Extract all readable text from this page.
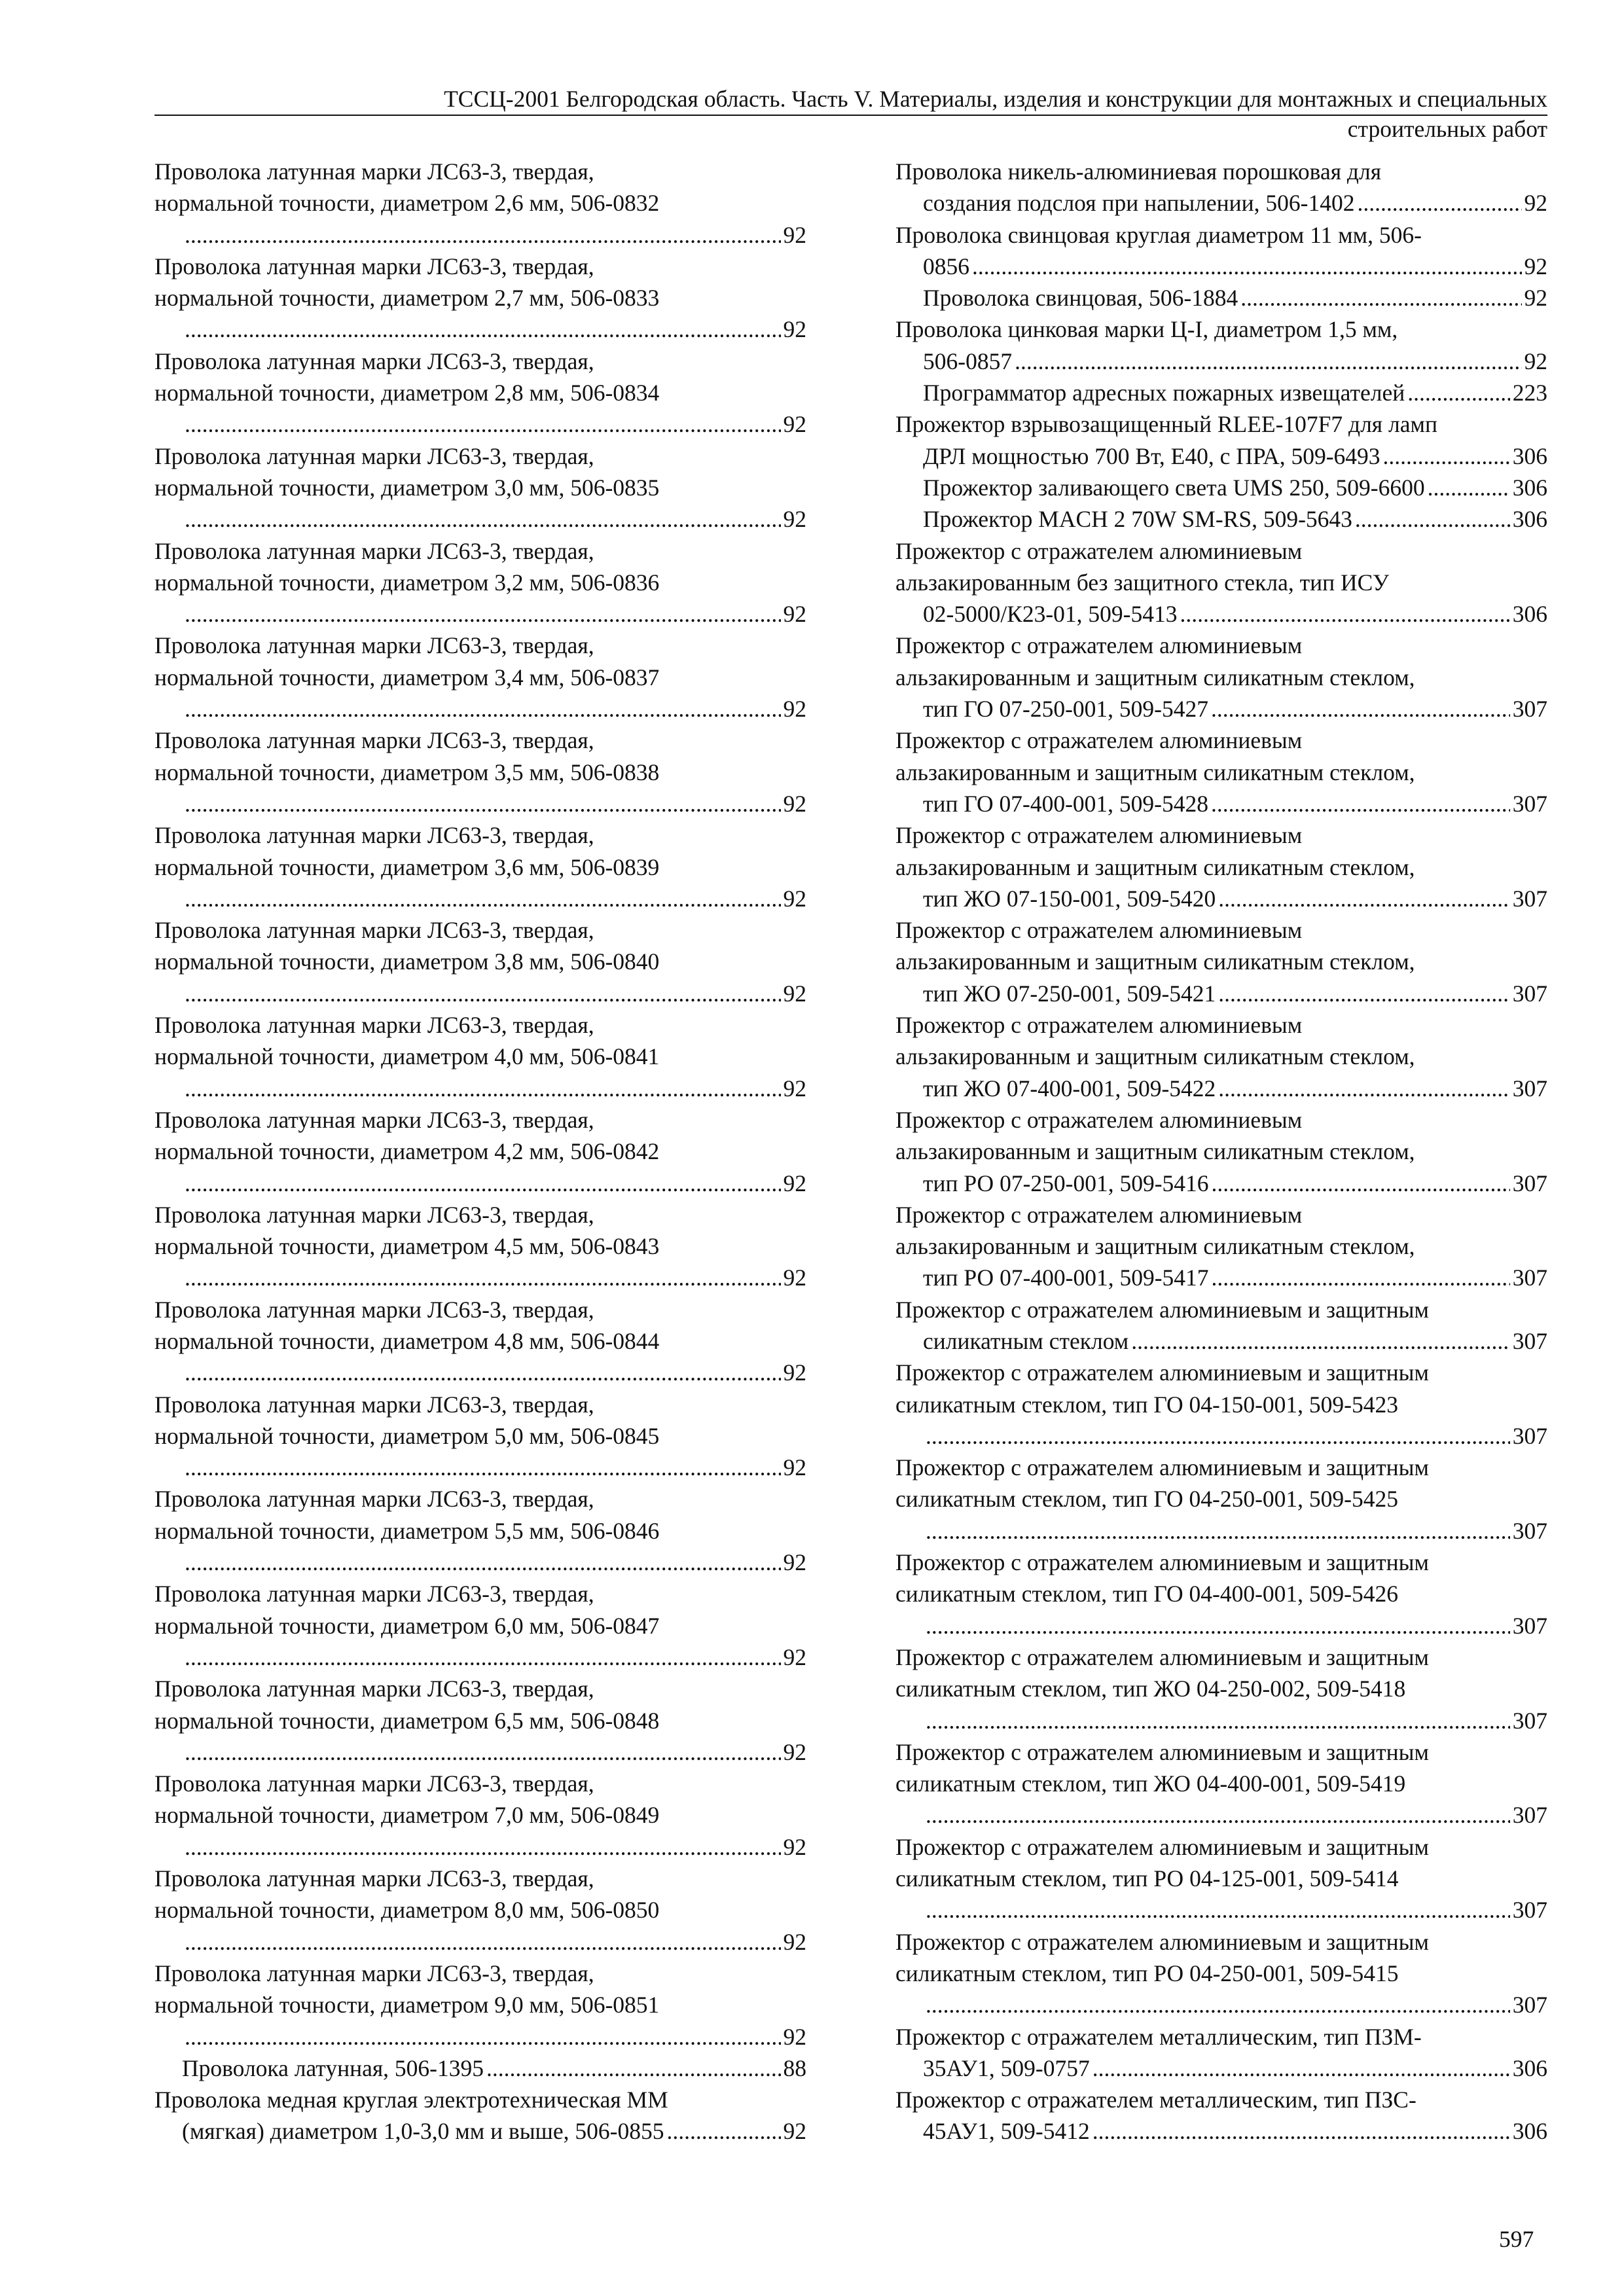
ТССЦ-2001 Белгородская область. Часть V. Материалы, изделия и конструкции для монтажных и специальных
строительных работ
Проволока латунная марки ЛС63-3, твердая,
нормальной точности, диаметром 2,6 мм, 506-0832
.....
92
Проволока латунная марки ЛС63-3, твердая,
нормальной точности, диаметром 2,7 мм, 506-0833
.....
92
Проволока латунная марки ЛС63-3, твердая,
нормальной точности, диаметром 2,8 мм, 506-0834
.....
92
Проволока латунная марки ЛС63-3, твердая,
нормальной точности, диаметром 3,0 мм, 506-0835
.....
92
Проволока латунная марки ЛС63-3, твердая,
нормальной точности, диаметром 3,2 мм, 506-0836
.....
92
Проволока латунная марки ЛС63-3, твердая,
нормальной точности, диаметром 3,4 мм, 506-0837
.....
92
Проволока латунная марки ЛС63-3, твердая,
нормальной точности, диаметром 3,5 мм, 506-0838
.....
92
Проволока латунная марки ЛС63-3, твердая,
нормальной точности, диаметром 3,6 мм, 506-0839
.....
92
Проволока латунная марки ЛС63-3, твердая,
нормальной точности, диаметром 3,8 мм, 506-0840
.....
92
Проволока латунная марки ЛС63-3, твердая,
нормальной точности, диаметром 4,0 мм, 506-0841
.....
92
Проволока латунная марки ЛС63-3, твердая,
нормальной точности, диаметром 4,2 мм, 506-0842
.....
92
Проволока латунная марки ЛС63-3, твердая,
нормальной точности, диаметром 4,5 мм, 506-0843
.....
92
Проволока латунная марки ЛС63-3, твердая,
нормальной точности, диаметром 4,8 мм, 506-0844
.....
92
Проволока латунная марки ЛС63-3, твердая,
нормальной точности, диаметром 5,0 мм, 506-0845
.....
92
Проволока латунная марки ЛС63-3, твердая,
нормальной точности, диаметром 5,5 мм, 506-0846
.....
92
Проволока латунная марки ЛС63-3, твердая,
нормальной точности, диаметром 6,0 мм, 506-0847
.....
92
Проволока латунная марки ЛС63-3, твердая,
нормальной точности, диаметром 6,5 мм, 506-0848
.....
92
Проволока латунная марки ЛС63-3, твердая,
нормальной точности, диаметром 7,0 мм, 506-0849
.....
92
Проволока латунная марки ЛС63-3, твердая,
нормальной точности, диаметром 8,0 мм, 506-0850
.....
92
Проволока латунная марки ЛС63-3, твердая,
нормальной точности, диаметром 9,0 мм, 506-0851
.....
92
Проволока латунная, 506-1395 .....	88
Проволока медная круглая электротехническая ММ
(мягкая) диаметром 1,0-3,0 мм и выше, 506-0855 .....	92
Проволока никель-алюминиевая порошковая для
создания подслоя при напылении, 506-1402 .....	92
Проволока свинцовая круглая диаметром 11 мм, 506-
0856 .....	92
Проволока свинцовая, 506-1884 .....	92
Проволока цинковая марки Ц-I, диаметром 1,5 мм,
506-0857 .....	92
Программатор адресных пожарных извещателей .....	223
Прожектор взрывозащищенный RLEE-107F7 для ламп
ДРЛ мощностью 700 Вт, Е40, с ПРА, 509-6493 .....	306
Прожектор заливающего света UMS 250, 509-6600 .....	306
Прожектор MACH 2 70W SM-RS, 509-5643 .....	306
Прожектор с отражателем алюминиевым
альзакированным без защитного стекла, тип ИСУ
02-5000/К23-01, 509-5413 .....	306
Прожектор с отражателем алюминиевым
альзакированным и защитным силикатным стеклом,
тип ГО 07-250-001, 509-5427 .....	307
Прожектор с отражателем алюминиевым
альзакированным и защитным силикатным стеклом,
тип ГО 07-400-001, 509-5428 .....	307
Прожектор с отражателем алюминиевым
альзакированным и защитным силикатным стеклом,
тип ЖО 07-150-001, 509-5420 .....	307
Прожектор с отражателем алюминиевым
альзакированным и защитным силикатным стеклом,
тип ЖО 07-250-001, 509-5421 .....	307
Прожектор с отражателем алюминиевым
альзакированным и защитным силикатным стеклом,
тип ЖО 07-400-001, 509-5422 .....	307
Прожектор с отражателем алюминиевым
альзакированным и защитным силикатным стеклом,
тип РО 07-250-001, 509-5416 .....	307
Прожектор с отражателем алюминиевым
альзакированным и защитным силикатным стеклом,
тип РО 07-400-001, 509-5417 .....	307
Прожектор с отражателем алюминиевым и защитным
силикатным стеклом .....	307
Прожектор с отражателем алюминиевым и защитным
силикатным стеклом, тип ГО 04-150-001, 509-5423
.....
307
Прожектор с отражателем алюминиевым и защитным
силикатным стеклом, тип ГО 04-250-001, 509-5425
.....
307
Прожектор с отражателем алюминиевым и защитным
силикатным стеклом, тип ГО 04-400-001, 509-5426
.....
307
Прожектор с отражателем алюминиевым и защитным
силикатным стеклом, тип ЖО 04-250-002, 509-5418
.....
307
Прожектор с отражателем алюминиевым и защитным
силикатным стеклом, тип ЖО 04-400-001, 509-5419
.....
307
Прожектор с отражателем алюминиевым и защитным
силикатным стеклом, тип РО 04-125-001, 509-5414
.....
307
Прожектор с отражателем алюминиевым и защитным
силикатным стеклом, тип РО 04-250-001, 509-5415
.....
307
Прожектор с отражателем металлическим, тип ПЗМ-
35АУ1, 509-0757 .....	306
Прожектор с отражателем металлическим, тип ПЗС-
45АУ1, 509-5412 .....	306
597
